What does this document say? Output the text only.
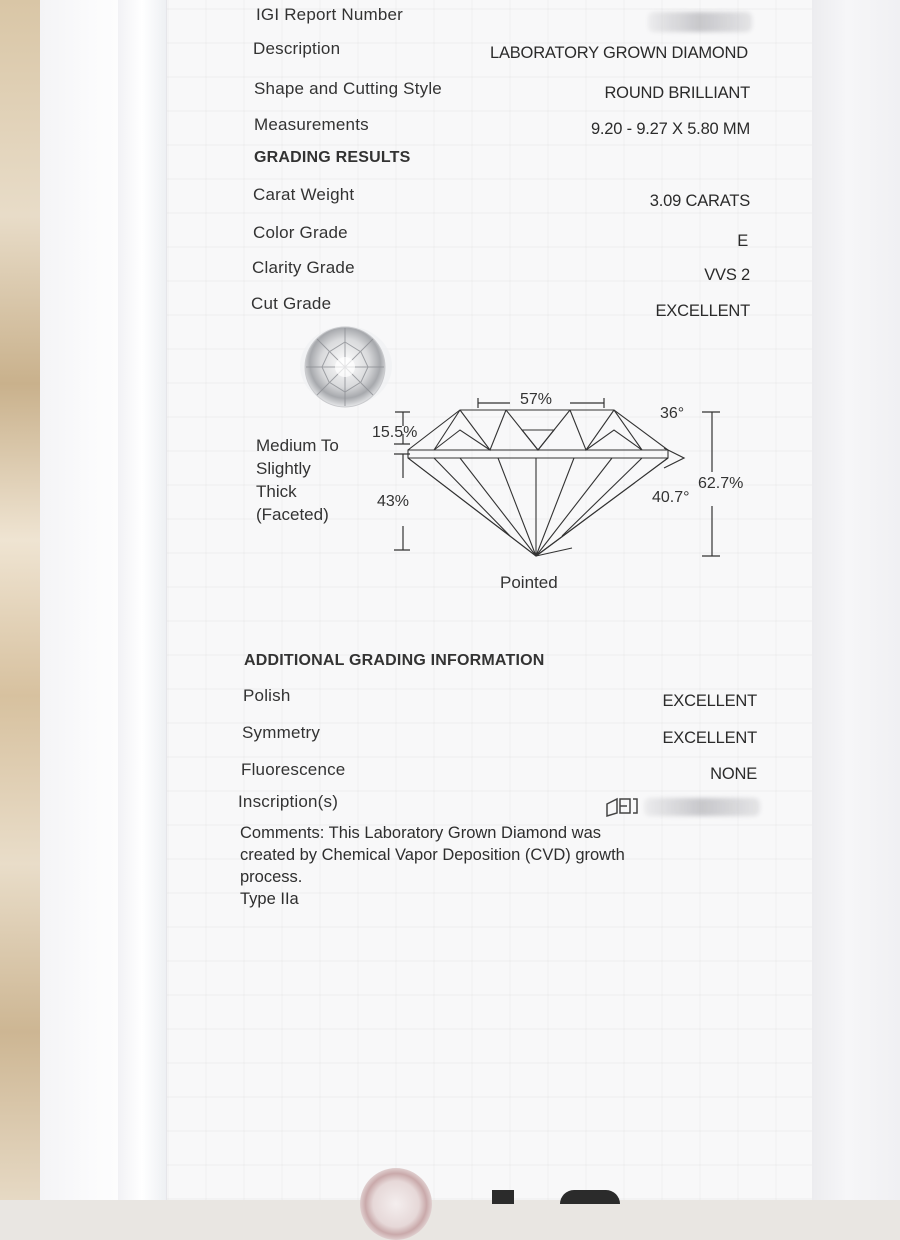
IGI Report Number
Description	LABORATORY GROWN DIAMOND
Shape and Cutting Style	ROUND BRILLIANT
Measurements	9.20 - 9.27 X 5.80 MM
GRADING RESULTS
Carat Weight	3.09 CARATS
Color Grade	E
Clarity Grade	VVS 2
Cut Grade	EXCELLENT
57%
15.5%
36°
43%	40.7°
62.7%
Pointed
Medium To
Slightly
Thick
(Faceted)
ADDITIONAL GRADING INFORMATION
Polish	EXCELLENT
Symmetry	EXCELLENT
Fluorescence	NONE
Inscription(s)	IGI
Comments: This Laboratory Grown Diamond was
created by Chemical Vapor Deposition (CVD) growth
process.
Type IIa
